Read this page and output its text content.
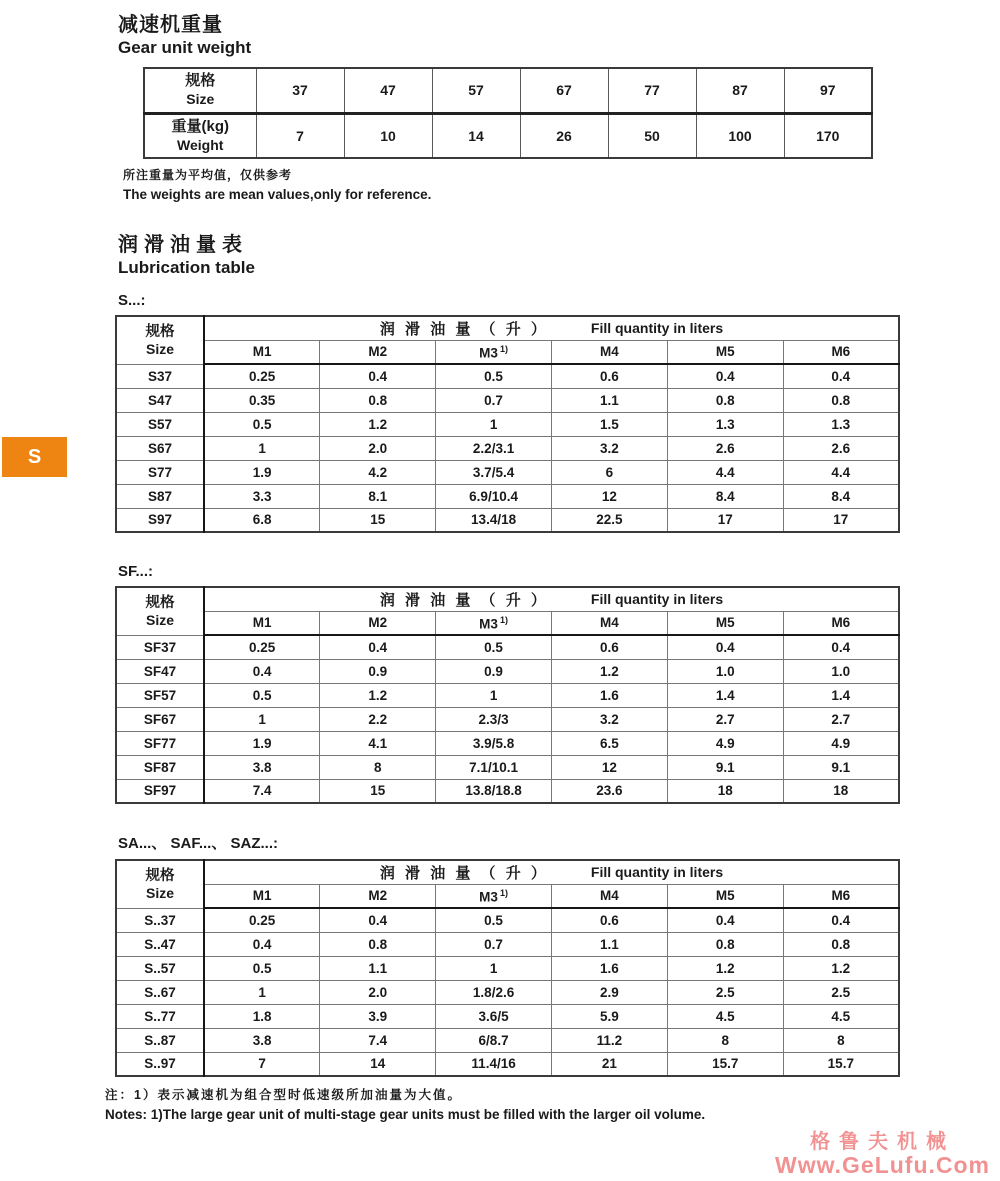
减速机重量
Gear unit weight
规格
Size	37	47	57	67	77	87	97

重量(kg)
Weight	7	10	14	26	50	100	170
所注重量为平均值，仅供参考
The weights are mean values,only for reference.
润滑油量表
Lubrication table
S...:
规格
Size

润 滑 油 量 （ 升 ）	Fill quantity in liters

	M1	M2	M3 $^{1)}$	M4	M5	M6
S37	0.25	0.4	0.5	0.6	0.4	0.4
S47	0.35	0.8	0.7	1.1	0.8	0.8
S57	0.5	1.2	1	1.5	1.3	1.3
S67	1	2.0	2.2/3.1	3.2	2.6	2.6
S77	1.9	4.2	3.7/5.4	6	4.4	4.4
S87	3.3	8.1	6.9/10.4	12	8.4	8.4
S97	6.8	15	13.4/18	22.5	17	17
SF...:
规格
Size

润 滑 油 量 （ 升 ）	Fill quantity in liters

	M1	M2	M3 $^{1)}$	M4	M5	M6
SF37	0.25	0.4	0.5	0.6	0.4	0.4
SF47	0.4	0.9	0.9	1.2	1.0	1.0
SF57	0.5	1.2	1	1.6	1.4	1.4
SF67	1	2.2	2.3/3	3.2	2.7	2.7
SF77	1.9	4.1	3.9/5.8	6.5	4.9	4.9
SF87	3.8	8	7.1/10.1	12	9.1	9.1
SF97	7.4	15	13.8/18.8	23.6	18	18
SA...、 SAF...、 SAZ...:
规格
Size

润 滑 油 量 （ 升 ）	Fill quantity in liters

	M1	M2	M3 $^{1)}$	M4	M5	M6
S..37	0.25	0.4	0.5	0.6	0.4	0.4
S..47	0.4	0.8	0.7	1.1	0.8	0.8
S..57	0.5	1.1	1	1.6	1.2	1.2
S..67	1	2.0	1.8/2.6	2.9	2.5	2.5
S..77	1.8	3.9	3.6/5	5.9	4.5	4.5
S..87	3.8	7.4	6/8.7	11.2	8	8
S..97	7	14	11.4/16	21	15.7	15.7
注：1）表示减速机为组合型时低速级所加油量为大值。
Notes: 1)The large gear unit of multi-stage gear units must be filled with the larger oil volume.
S
格鲁夫机械
Www.GeLufu.Com
